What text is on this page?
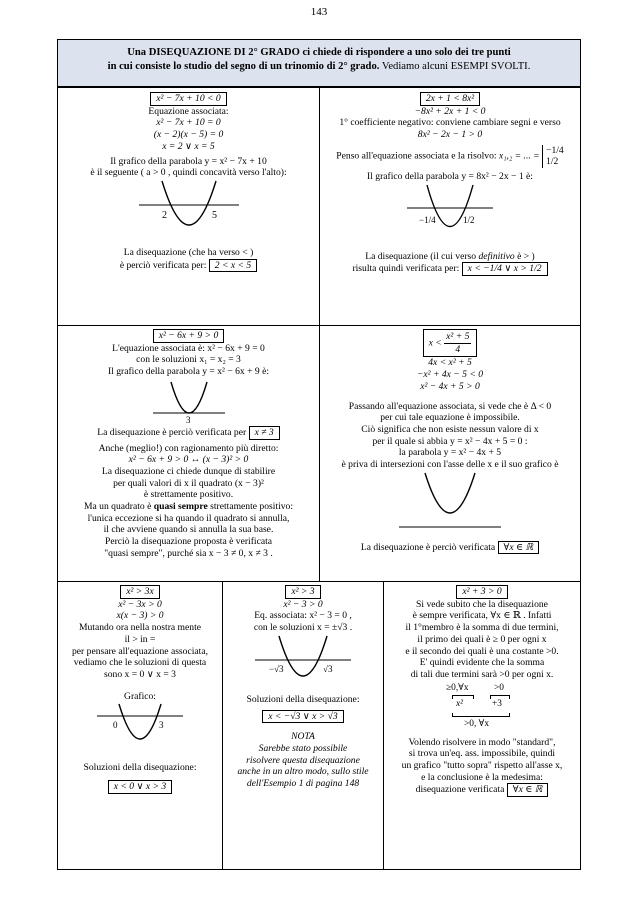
143
Una DISEQUAZIONE DI 2° GRADO ci chiede di rispondere a uno solo dei tre punti
in cui consiste lo studio del segno di un trinomio di 2° grado. Vediamo alcuni ESEMPI SVOLTI.
x² − 7x + 10 < 0
Equazione associata:
x² − 7x + 10 = 0
(x − 2)(x − 5) = 0
x = 2 ∨ x = 5
Il grafico della parabola y = x² − 7x + 10
è il seguente ( a > 0 , quindi concavità verso l'alto):
2	5
La disequazione (che ha verso < )
è perciò verificata per: 2 < x < 5
2x + 1 < 8x²
−8x² + 2x + 1 < 0
1° coefficiente negativo: conviene cambiare segni e verso
8x² − 2x − 1 > 0
Penso all'equazione associata e la risolvo: x₁,₂ = ... =
−1/4
1/2
Il grafico della parabola y = 8x² − 2x − 1 è:
−1/4	1/2
La disequazione (il cui verso definitivo è > )
risulta quindi verificata per: x < −1/4 ∨ x > 1/2
x² − 6x + 9 > 0
L'equazione associata è: x² − 6x + 9 = 0
con le soluzioni x₁ = x₂ = 3
Il grafico della parabola y = x² − 6x + 9 è:
3
La disequazione è perciò verificata per x ≠ 3
Anche (meglio!) con ragionamento più diretto:
x² − 6x + 9 > 0 ↔ (x − 3)² > 0
La disequazione ci chiede dunque di stabilire
per quali valori di x il quadrato (x − 3)²
è strettamente positivo.
Ma un quadrato è quasi sempre strettamente positivo:
l'unica eccezione si ha quando il quadrato si annulla,
il che avviene quando si annulla la sua base.
Perciò la disequazione proposta è verificata
"quasi sempre", purché sia x − 3 ≠ 0, x ≠ 3 .
$x < \frac{\text{x² + 5}}{4}$
4x < x² + 5
−x² + 4x − 5 < 0
x² − 4x + 5 > 0
Passando all'equazione associata, si vede che è Δ < 0
per cui tale equazione è impossibile.
Ciò significa che non esiste nessun valore di x
per il quale si abbia y = x² − 4x + 5 = 0 :
la parabola y = x² − 4x + 5
è priva di intersezioni con l'asse delle x e il suo grafico è
La disequazione è perciò verificata ∀x ∈ ℝ
x² > 3x
x² − 3x > 0
x(x − 3) > 0
Mutando ora nella nostra mente
il > in =
per pensare all'equazione associata,
vediamo che le soluzioni di questa
sono x = 0 ∨ x = 3
Grafico:
0	3
Soluzioni della disequazione:
x < 0 ∨ x > 3
x² > 3
x² − 3 > 0
Eq. associata: x² − 3 = 0 ,
con le soluzioni x = ±√3 .
−√3	√3
Soluzioni della disequazione:
x < −√3 ∨ x > √3
NOTA
Sarebbe stato possibile
risolvere questa disequazione
anche in un altro modo, sullo stile
dell'Esempio 1 di pagina 148
x² + 3 > 0
Si vede subito che la disequazione
è sempre verificata, ∀x ∈ ℝ . Infatti
il 1°membro è la somma di due termini,
il primo dei quali è ≥ 0 per ogni x
e il secondo dei quali è una costante >0.
E' quindi evidente che la somma
di tali due termini sarà >0 per ogni x.
≥0,∀x	>0
x²	+3
>0, ∀x
Volendo risolvere in modo "standard",
si trova un'eq. ass. impossibile, quindi
un grafico "tutto sopra" rispetto all'asse x,
e la conclusione è la medesima:
disequazione verificata ∀x ∈ ℝ
